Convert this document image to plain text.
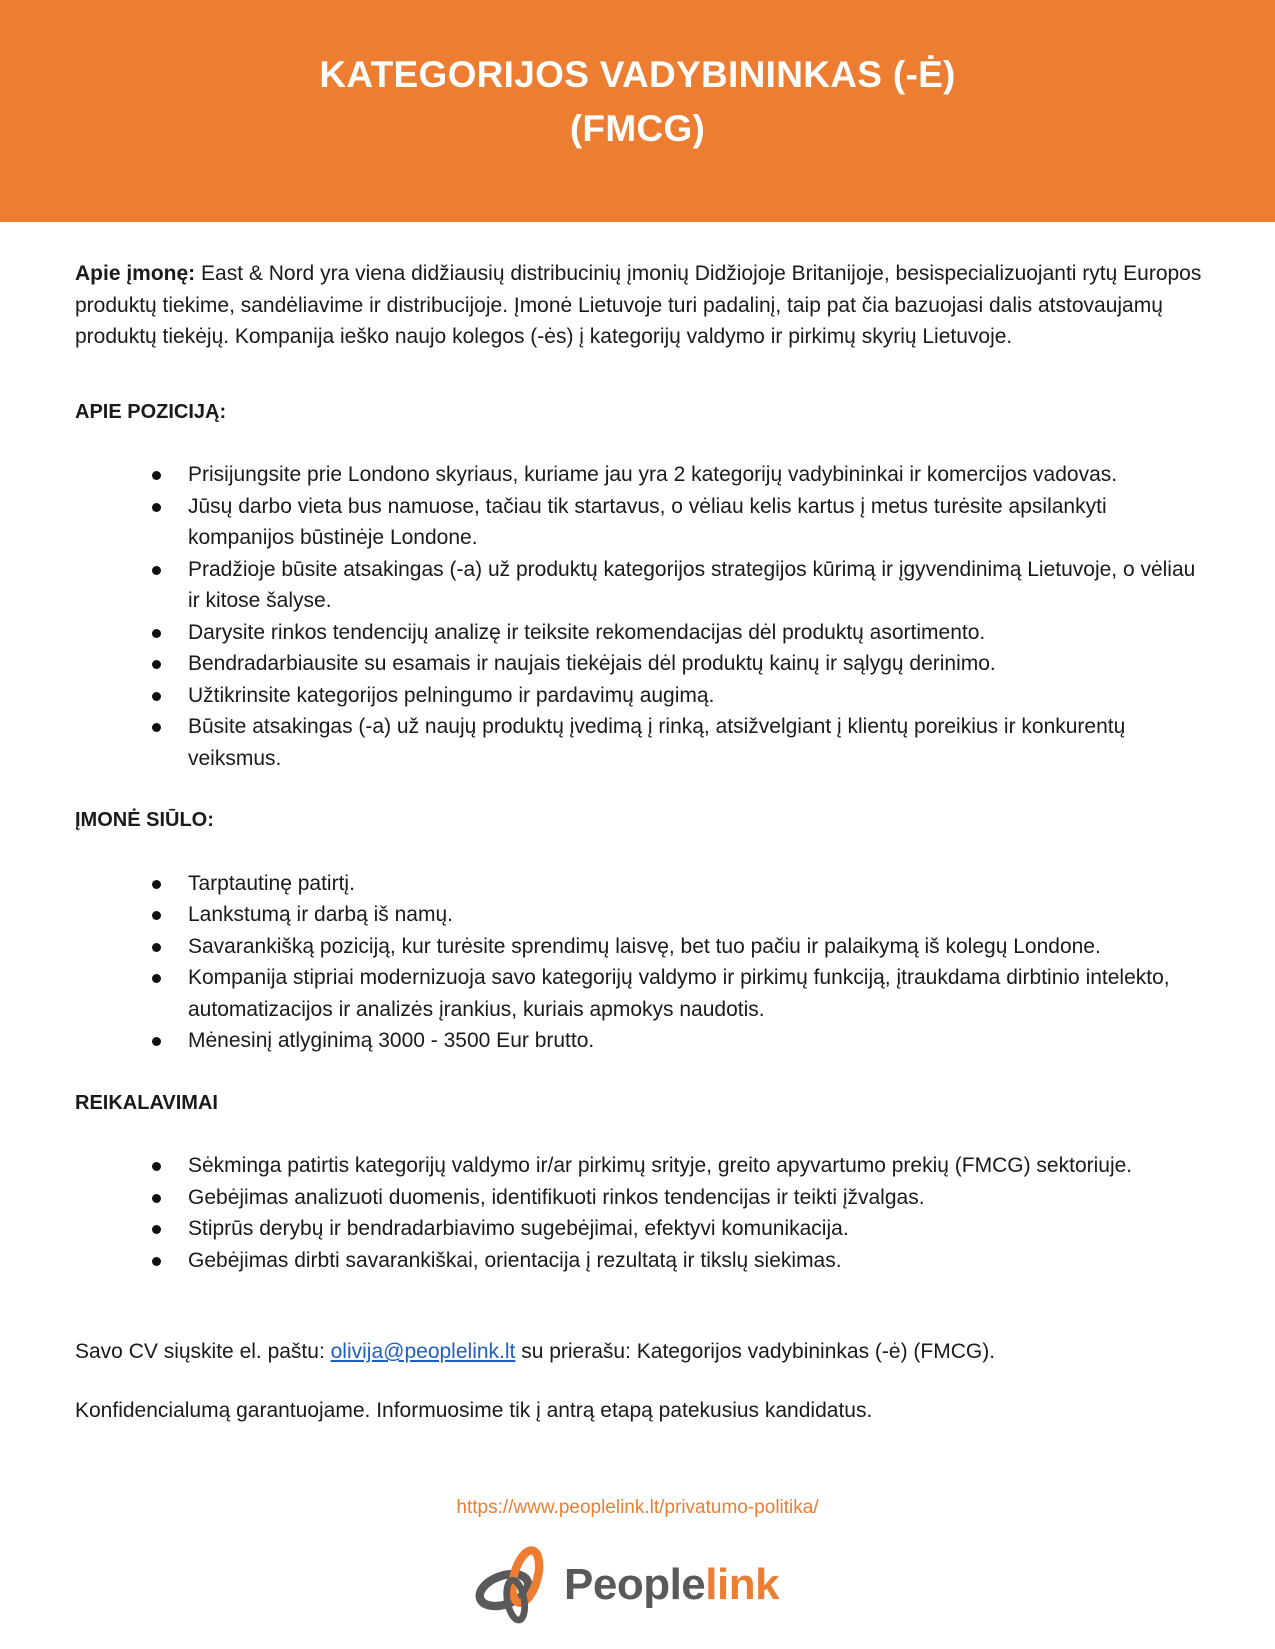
KATEGORIJOS VADYBININKAS (-Ė)
(FMCG)

Apie įmonę: East & Nord yra viena didžiausių distribucinių įmonių Didžiojoje Britanijoje, besispecializuojanti rytų Europos produktų tiekime, sandėliavime ir distribucijoje. Įmonė Lietuvoje turi padalinį, taip pat čia bazuojasi dalis atstovaujamų produktų tiekėjų. Kompanija ieško naujo kolegos (-ės) į kategorijų valdymo ir pirkimų skyrių Lietuvoje.

APIE POZICIJĄ:

Prisijungsite prie Londono skyriaus, kuriame jau yra 2 kategorijų vadybininkai ir komercijos vadovas.
Jūsų darbo vieta bus namuose, tačiau tik startavus, o vėliau kelis kartus į metus turėsite apsilankyti kompanijos būstinėje Londone.
Pradžioje būsite atsakingas (-a) už produktų kategorijos strategijos kūrimą ir įgyvendinimą Lietuvoje, o vėliau ir kitose šalyse.
Darysite rinkos tendencijų analizę ir teiksite rekomendacijas dėl produktų asortimento.
Bendradarbiausite su esamais ir naujais tiekėjais dėl produktų kainų ir sąlygų derinimo.
Užtikrinsite kategorijos pelningumo ir pardavimų augimą.
Būsite atsakingas (-a) už naujų produktų įvedimą į rinką, atsižvelgiant į klientų poreikius ir konkurentų veiksmus.

ĮMONĖ SIŪLO:

Tarptautinę patirtį.
Lankstumą ir darbą iš namų.
Savarankišką poziciją, kur turėsite sprendimų laisvę, bet tuo pačiu ir palaikymą iš kolegų Londone.
Kompanija stipriai modernizuoja savo kategorijų valdymo ir pirkimų funkciją, įtraukdama dirbtinio intelekto, automatizacijos ir analizės įrankius, kuriais apmokys naudotis.
Mėnesinį atlyginimą 3000 - 3500 Eur brutto.

REIKALAVIMAI

Sėkminga patirtis kategorijų valdymo ir/ar pirkimų srityje, greito apyvartumo prekių (FMCG) sektoriuje.
Gebėjimas analizuoti duomenis, identifikuoti rinkos tendencijas ir teikti įžvalgas.
Stiprūs derybų ir bendradarbiavimo sugebėjimai, efektyvi komunikacija.
Gebėjimas dirbti savarankiškai, orientacija į rezultatą ir tikslų siekimas.

Savo CV siųskite el. paštu: olivija@peoplelink.lt su prierašu: Kategorijos vadybininkas (-ė) (FMCG).

Konfidencialumą garantuojame. Informuosime tik į antrą etapą patekusius kandidatus.

https://www.peoplelink.lt/privatumo-politika/
Peoplelink
